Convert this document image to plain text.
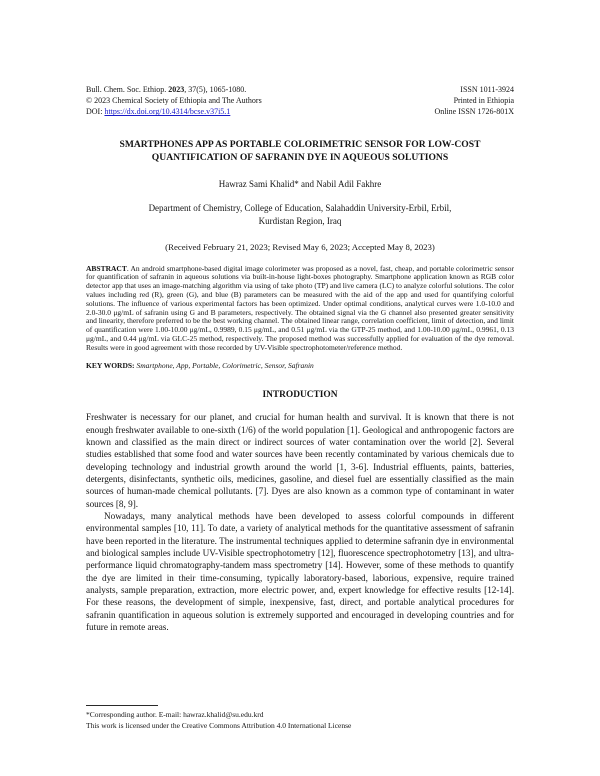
Bull. Chem. Soc. Ethiop. 2023, 37(5), 1065-1080.
© 2023 Chemical Society of Ethiopia and The Authors
DOI: https://dx.doi.org/10.4314/bcse.v37i5.1
ISSN 1011-3924
Printed in Ethiopia
Online ISSN 1726-801X
SMARTPHONES APP AS PORTABLE COLORIMETRIC SENSOR FOR LOW-COST QUANTIFICATION OF SAFRANIN DYE IN AQUEOUS SOLUTIONS
Hawraz Sami Khalid* and Nabil Adil Fakhre
Department of Chemistry, College of Education, Salahaddin University-Erbil, Erbil, Kurdistan Region, Iraq
(Received February 21, 2023; Revised May 6, 2023; Accepted May 8, 2023)
ABSTRACT. An android smartphone-based digital image colorimeter was proposed as a novel, fast, cheap, and portable colorimetric sensor for quantification of safranin in aqueous solutions via built-in-house light-boxes photography. Smartphone application known as RGB color detector app that uses an image-matching algorithm via using of take photo (TP) and live camera (LC) to analyze colorful solutions. The color values including red (R), green (G), and blue (B) parameters can be measured with the aid of the app and used for quantifying colorful solutions. The influence of various experimental factors has been optimized. Under optimal conditions, analytical curves were 1.0-10.0 and 2.0-30.0 μg/mL of safranin using G and B parameters, respectively. The obtained signal via the G channel also presented greater sensitivity and linearity, therefore preferred to be the best working channel. The obtained linear range, correlation coefficient, limit of detection, and limit of quantification were 1.00-10.00 μg/mL, 0.9989, 0.15 μg/mL, and 0.51 μg/mL via the GTP-25 method, and 1.00-10.00 μg/mL, 0.9961, 0.13 μg/mL, and 0.44 μg/mL via GLC-25 method, respectively. The proposed method was successfully applied for evaluation of the dye removal. Results were in good agreement with those recorded by UV-Visible spectrophotometer/reference method.
KEY WORDS: Smartphone, App, Portable, Colorimetric, Sensor, Safranin
INTRODUCTION
Freshwater is necessary for our planet, and crucial for human health and survival. It is known that there is not enough freshwater available to one-sixth (1/6) of the world population [1]. Geological and anthropogenic factors are known and classified as the main direct or indirect sources of water contamination over the world [2]. Several studies established that some food and water sources have been recently contaminated by various chemicals due to developing technology and industrial growth around the world [1, 3-6]. Industrial effluents, paints, batteries, detergents, disinfectants, synthetic oils, medicines, gasoline, and diesel fuel are essentially classified as the main sources of human-made chemical pollutants. [7]. Dyes are also known as a common type of contaminant in water sources [8, 9].
Nowadays, many analytical methods have been developed to assess colorful compounds in different environmental samples [10, 11]. To date, a variety of analytical methods for the quantitative assessment of safranin have been reported in the literature. The instrumental techniques applied to determine safranin dye in environmental and biological samples include UV-Visible spectrophotometry [12], fluorescence spectrophotometry [13], and ultra-performance liquid chromatography-tandem mass spectrometry [14]. However, some of these methods to quantify the dye are limited in their time-consuming, typically laboratory-based, laborious, expensive, require trained analysts, sample preparation, extraction, more electric power, and, expert knowledge for effective results [12-14]. For these reasons, the development of simple, inexpensive, fast, direct, and portable analytical procedures for safranin quantification in aqueous solution is extremely supported and encouraged in developing countries and for future in remote areas.
*Corresponding author. E-mail: hawraz.khalid@su.edu.krd
This work is licensed under the Creative Commons Attribution 4.0 International License
